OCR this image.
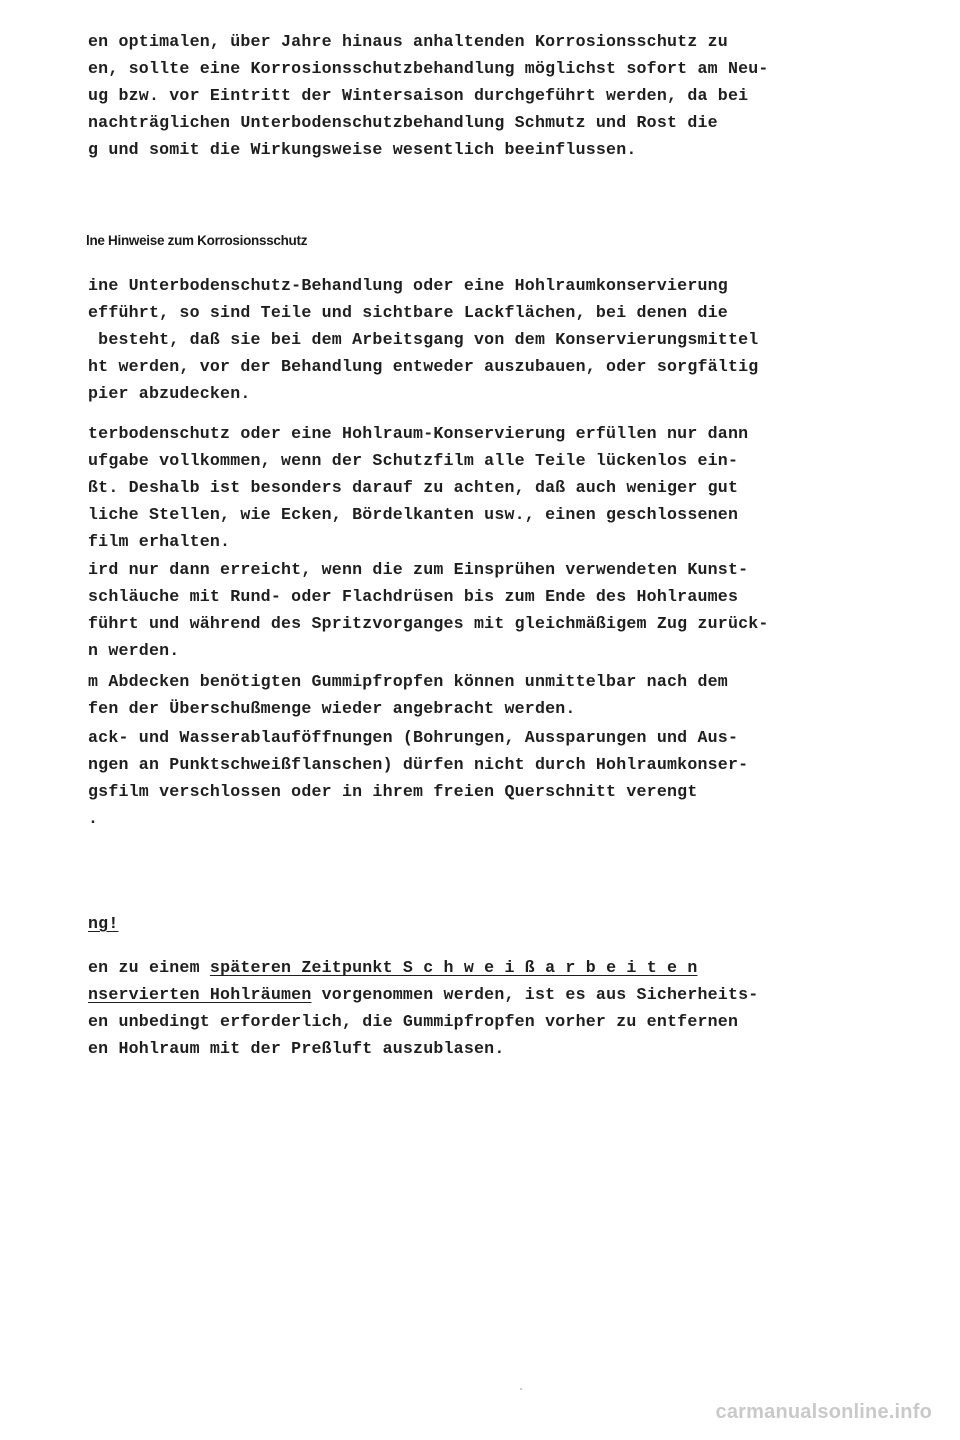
en optimalen, über Jahre hinaus anhaltenden Korrosionsschutz zu
en, sollte eine Korrosionsschutzbehandlung möglichst sofort am Neu-
ug bzw. vor Eintritt der Wintersaison durchgeführt werden, da bei
nachträglichen Unterbodenschutzbehandlung Schmutz und Rost die
g und somit die Wirkungsweise wesentlich beeinflussen.
lne Hinweise zum Korrosionsschutz
ine Unterbodenschutz-Behandlung oder eine Hohlraumkonservierung
efführt, so sind Teile und sichtbare Lackflächen, bei denen die
besteht, daß sie bei dem Arbeitsgang von dem Konservierungsmittel
ht werden, vor der Behandlung entweder auszubauen, oder sorgfältig
pier abzudecken.
terbodenschutz oder eine Hohlraum-Konservierung erfüllen nur dann
ufgabe vollkommen, wenn der Schutzfilm alle Teile lückenlos ein-
ßt. Deshalb ist besonders darauf zu achten, daß auch weniger gut
liche Stellen, wie Ecken, Bördelkanten usw., einen geschlossenen
film erhalten.
ird nur dann erreicht, wenn die zum Einsprühen verwendeten Kunst-
schläuche mit Rund- oder Flachdrüsen bis zum Ende des Hohlraumes
führt und während des Spritzvorganges mit gleichmäßigem Zug zurück-
n werden.
m Abdecken benötigten Gummipfropfen können unmittelbar nach dem
fen der Überschußmenge wieder angebracht werden.
ack- und Wasserablauföffnungen (Bohrungen, Aussparungen und Aus-
ngen an Punktschweißflanschen) dürfen nicht durch Hohlraumkonser-
gsfilm verschlossen oder in ihrem freien Querschnitt verengt
.
ng!
en zu einem späteren Zeitpunkt S c h w e i ß a r b e i t e n
nservierten Hohlräumen vorgenommen werden, ist es aus Sicherheits-
en unbedingt erforderlich, die Gummipfropfen vorher zu entfernen
en Hohlraum mit der Preßluft auszublasen.
carmanualsonline.info
